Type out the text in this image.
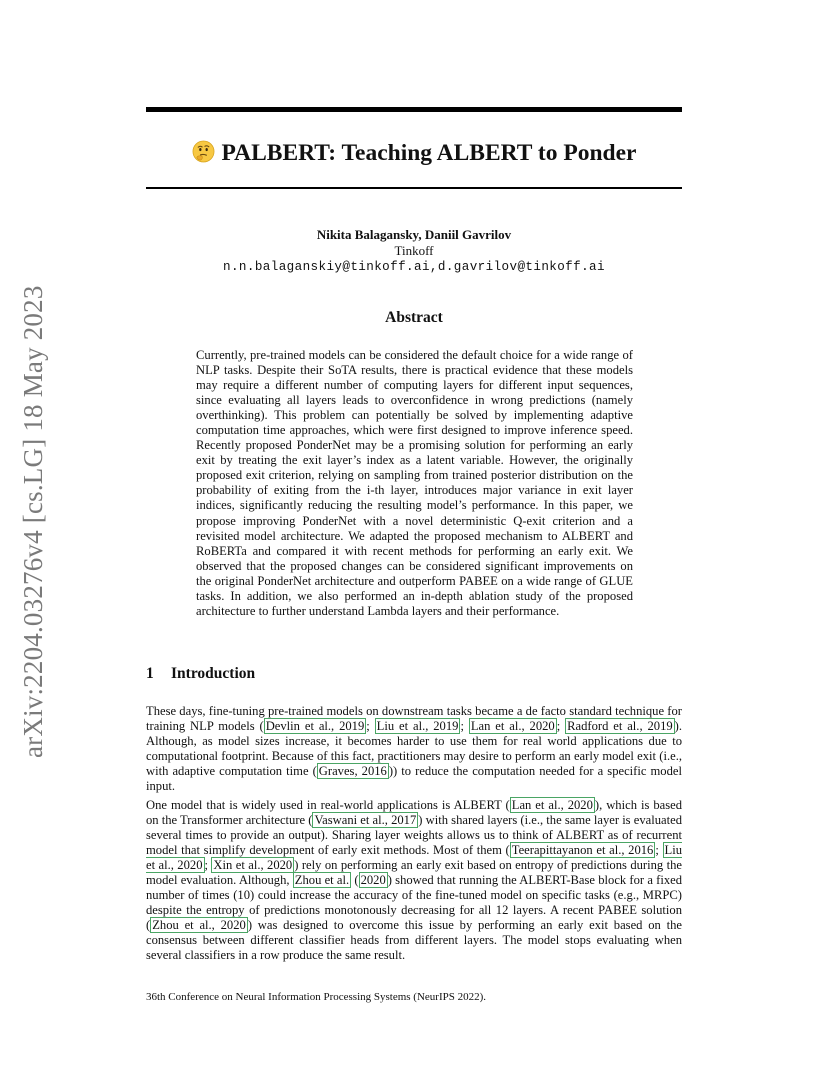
arXiv:2204.03276v4 [cs.LG] 18 May 2023
PALBERT: Teaching ALBERT to Ponder
Nikita Balagansky, Daniil Gavrilov
Tinkoff
n.n.balaganskiy@tinkoff.ai,d.gavrilov@tinkoff.ai
Abstract
Currently, pre-trained models can be considered the default choice for a wide range of NLP tasks. Despite their SoTA results, there is practical evidence that these models may require a different number of computing layers for different input sequences, since evaluating all layers leads to overconfidence in wrong predictions (namely overthinking). This problem can potentially be solved by implementing adaptive computation time approaches, which were first designed to improve inference speed. Recently proposed PonderNet may be a promising solution for performing an early exit by treating the exit layer’s index as a latent variable. However, the originally proposed exit criterion, relying on sampling from trained posterior distribution on the probability of exiting from the i-th layer, introduces major variance in exit layer indices, significantly reducing the resulting model’s performance. In this paper, we propose improving PonderNet with a novel deterministic Q-exit criterion and a revisited model architecture. We adapted the proposed mechanism to ALBERT and RoBERTa and compared it with recent methods for performing an early exit. We observed that the proposed changes can be considered significant improvements on the original PonderNet architecture and outperform PABEE on a wide range of GLUE tasks. In addition, we also performed an in-depth ablation study of the proposed architecture to further understand Lambda layers and their performance.
1 Introduction

These days, fine-tuning pre-trained models on downstream tasks became a de facto standard technique for training NLP models ( Devlin et al., 2019 ; Liu et al., 2019 ; Lan et al., 2020 ; Radford et al., 2019 ). Although, as model sizes increase, it becomes harder to use them for real world applications due to computational footprint. Because of this fact, practitioners may desire to perform an early model exit (i.e., with adaptive computation time ( Graves, 2016 )) to reduce the computation needed for a specific model input.

One model that is widely used in real-world applications is ALBERT ( Lan et al., 2020 ), which is based on the Transformer architecture ( Vaswani et al., 2017 ) with shared layers (i.e., the same layer is evaluated several times to provide an output). Sharing layer weights allows us to think of ALBERT as of recurrent model that simplify development of early exit methods. Most of them ( Teerapittayanon et al., 2016 ; Liu et al., 2020 ; Xin et al., 2020 ) rely on performing an early exit based on entropy of predictions during the model evaluation. Although, Zhou et al. ( 2020 ) showed that running the ALBERT-Base block for a fixed number of times (10) could increase the accuracy of the fine-tuned model on specific tasks (e.g., MRPC) despite the entropy of predictions monotonously decreasing for all 12 layers. A recent PABEE solution ( Zhou et al., 2020 ) was designed to overcome this issue by performing an early exit based on the consensus between different classifier heads from different layers. The model stops evaluating when several classifiers in a row produce the same result.

36th Conference on Neural Information Processing Systems (NeurIPS 2022).
